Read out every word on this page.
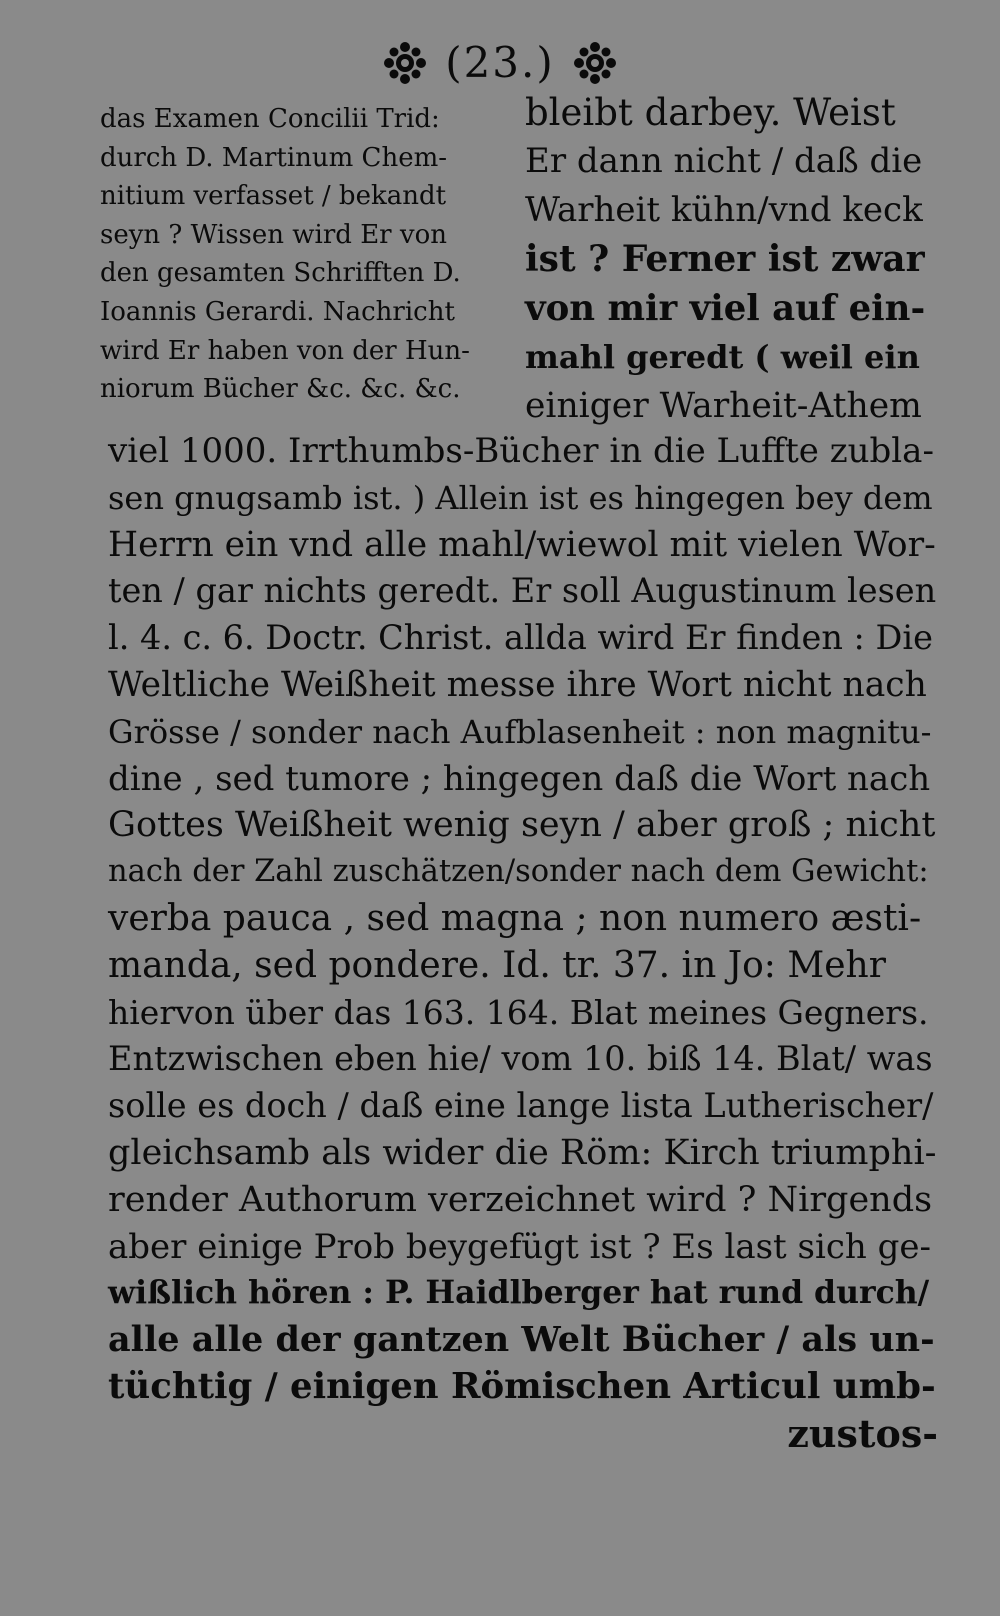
(23.)
das Examen Concilii Trid:
durch D. Martinum Chem-
nitium verfasset / bekandt
seyn ? Wissen wird Er von
den gesamten Schrifften D.
Ioannis Gerardi. Nachricht
wird Er haben von der Hun-
niorum Bücher &c. &c. &c.
bleibt darbey. Weist
Er dann nicht / daß die
Warheit kühn/vnd keck
ist ? Ferner ist zwar
von mir viel auf ein-
mahl geredt ( weil ein
einiger Warheit-Athem
viel 1000. Irrthumbs-Bücher in die Luffte zubla-
sen gnugsamb ist. ) Allein ist es hingegen bey dem
Herrn ein vnd alle mahl/wiewol mit vielen Wor-
ten / gar nichts geredt. Er soll Augustinum lesen
l. 4. c. 6. Doctr. Christ. allda wird Er finden : Die
Weltliche Weißheit messe ihre Wort nicht nach
Grösse / sonder nach Aufblasenheit : non magnitu-
dine , sed tumore ; hingegen daß die Wort nach
Gottes Weißheit wenig seyn / aber groß ; nicht
nach der Zahl zuschätzen/sonder nach dem Gewicht:
verba pauca , sed magna ; non numero æsti-
manda, sed pondere. Id. tr. 37. in Jo: Mehr
hiervon über das 163. 164. Blat meines Gegners.
Entzwischen eben hie/ vom 10. biß 14. Blat/ was
solle es doch / daß eine lange lista Lutherischer/
gleichsamb als wider die Röm: Kirch triumphi-
render Authorum verzeichnet wird ? Nirgends
aber einige Prob beygefügt ist ? Es last sich ge-
wißlich hören : P. Haidlberger hat rund durch/
alle alle der gantzen Welt Bücher / als un-
tüchtig / einigen Römischen Articul umb-
zustos-
